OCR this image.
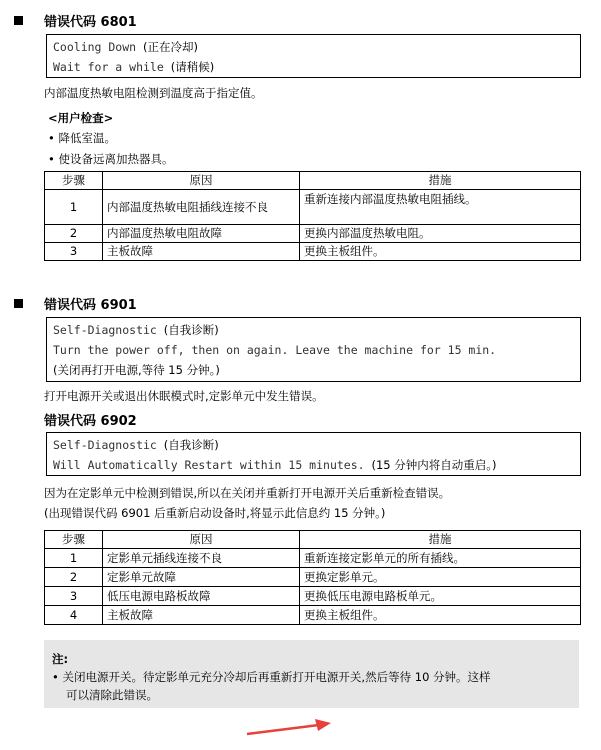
错误代码 6801
Cooling Down (正在冷却)
Wait for a while (请稍候)
内部温度热敏电阻检测到温度高于指定值。
<用户检查>
• 降低室温。
• 使设备远离加热器具。
步骤	原因	措施
1	内部温度热敏电阻插线连接不良	重新连接内部温度热敏电阻插线。
2	内部温度热敏电阻故障	更换内部温度热敏电阻。
3	主板故障	更换主板组件。
错误代码 6901
Self-Diagnostic (自我诊断)
Turn the power off, then on again. Leave the machine for 15 min.
(关闭再打开电源,等待 15 分钟。)
打开电源开关或退出休眠模式时,定影单元中发生错误。
错误代码 6902
Self-Diagnostic (自我诊断)
Will Automatically Restart within 15 minutes. (15 分钟内将自动重启。)
因为在定影单元中检测到错误,所以在关闭并重新打开电源开关后重新检查错误。
(出现错误代码 6901 后重新启动设备时,将显示此信息约 15 分钟。)
步骤	原因	措施
1	定影单元插线连接不良	重新连接定影单元的所有插线。
2	定影单元故障	更换定影单元。
3	低压电源电路板故障	更换低压电源电路板单元。
4	主板故障	更换主板组件。
注:
• 关闭电源开关。待定影单元充分冷却后再重新打开电源开关,然后等待 10 分钟。这样
可以清除此错误。
